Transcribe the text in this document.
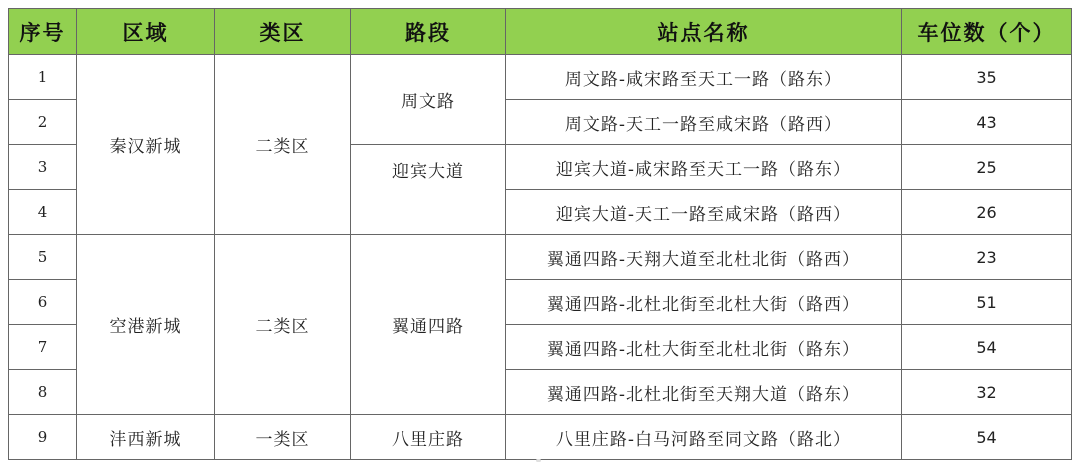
序号	区域	类区	路段	站点名称	车位数（个）
1	秦汉新城	二类区	周文路	周文路-咸宋路至天工一路（路东）	35
2				周文路-天工一路至咸宋路（路西）	43
3			迎宾大道	迎宾大道-咸宋路至天工一路（路东）	25
4				迎宾大道-天工一路至咸宋路（路西）	26
5	空港新城	二类区	翼通四路	翼通四路-天翔大道至北杜北街（路西）	23
6				翼通四路-北杜北街至北杜大街（路西）	51
7				翼通四路-北杜大街至北杜北街（路东）	54
8				翼通四路-北杜北街至天翔大道（路东）	32
9	沣西新城	一类区	八里庄路	八里庄路-白马河路至同文路（路北）	54
